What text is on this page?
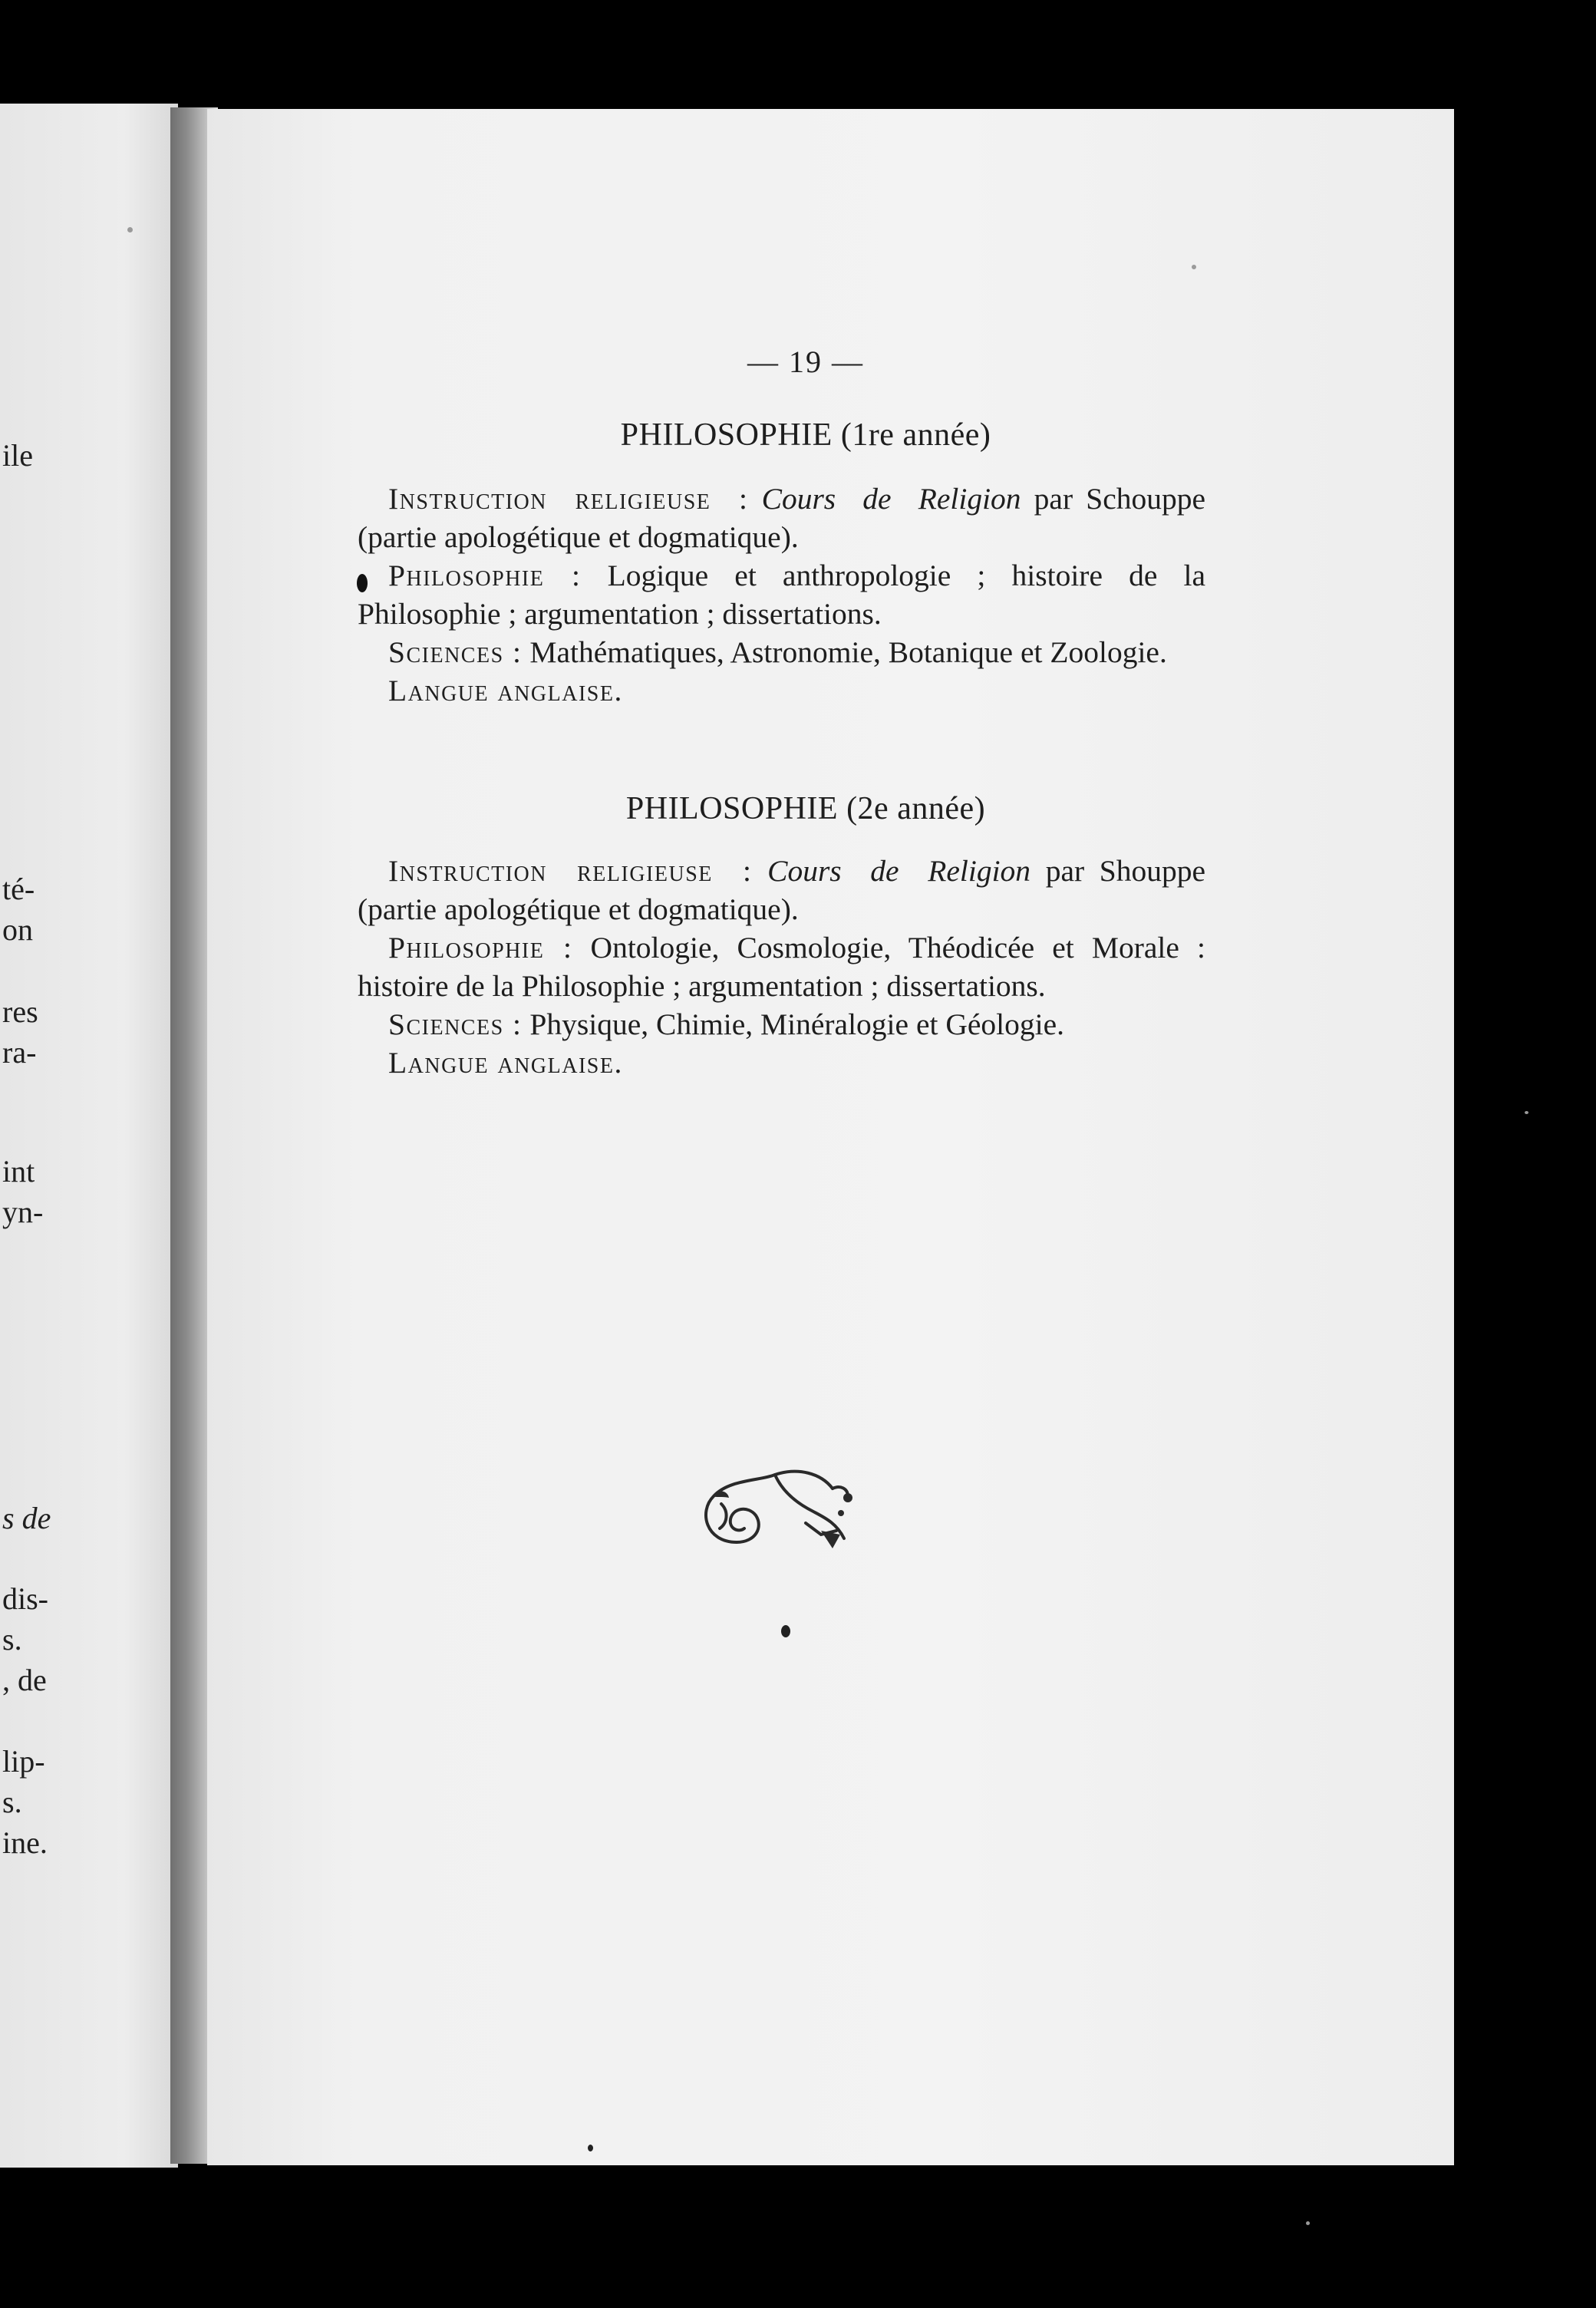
ile
té-
on
res
ra-
int
yn-
s de
dis-
s.
, de
lip-
s.
ine.
— 19 —
PHILOSOPHIE (1re année)

Instruction religieuse : Cours de Religion par Schouppe (partie apologétique et dogmatique).

Philosophie : Logique et anthropologie ; histoire de la Philosophie ; argumentation ; dissertations.

Sciences : Mathématiques, Astronomie, Botanique et Zoologie.

Langue anglaise.

PHILOSOPHIE (2e année)

Instruction religieuse : Cours de Religion par Shouppe (partie apologétique et dogmatique).

Philosophie : Ontologie, Cosmologie, Théodicée et Morale : histoire de la Philosophie ; argumentation ; dissertations.

Sciences : Physique, Chimie, Minéralogie et Géologie.

Langue anglaise.
